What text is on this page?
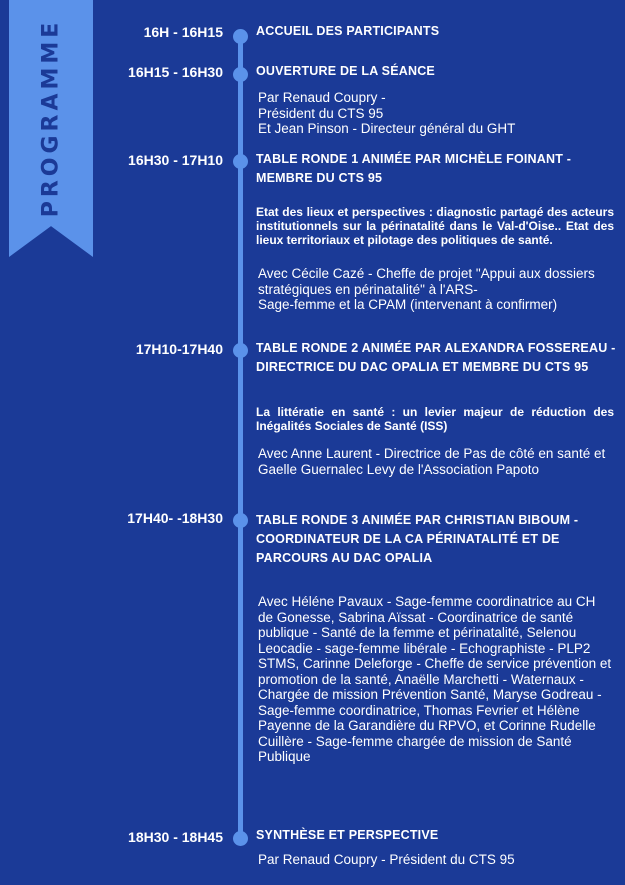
PROGRAMME	16H - 16H15	ACCUEIL DES PARTICIPANTS
16H15 - 16H30	OUVERTURE DE LA SÉANCE
Par Renaud Coupry -
Président du CTS 95
Et Jean Pinson - Directeur général du GHT
16H30 - 17H10	TABLE RONDE 1 ANIMÉE PAR MICHÈLE FOINANT - MEMBRE DU CTS 95
Etat des lieux et perspectives : diagnostic partagé des acteurs institutionnels sur la périnatalité dans le Val-d'Oise.. Etat des lieux territoriaux et pilotage des politiques de santé.
Avec Cécile Cazé - Cheffe de projet "Appui aux dossiers stratégiques en périnatalité" à l'ARS-
Sage-femme et la CPAM (intervenant à confirmer)
17H10-17H40	TABLE RONDE 2 ANIMÉE PAR ALEXANDRA FOSSEREAU - DIRECTRICE DU DAC OPALIA ET MEMBRE DU CTS 95
La littératie en santé : un levier majeur de réduction des Inégalités Sociales de Santé (ISS)
Avec Anne Laurent - Directrice de Pas de côté en santé et Gaelle Guernalec Levy de l'Association Papoto
17H40- -18H30	TABLE RONDE 3 ANIMÉE PAR CHRISTIAN BIBOUM - COORDINATEUR DE LA CA PÉRINATALITÉ ET DE PARCOURS AU DAC OPALIA
Avec Héléne Pavaux - Sage-femme coordinatrice au CH de Gonesse, Sabrina Aïssat - Coordinatrice de santé publique - Santé de la femme et périnatalité, Selenou Leocadie - sage-femme libérale - Echographiste - PLP2 STMS, Carinne Deleforge - Cheffe de service prévention et promotion de la santé, Anaëlle Marchetti - Waternaux - Chargée de mission Prévention Santé, Maryse Godreau - Sage-femme coordinatrice, Thomas Fevrier et Hélène Payenne de la Garandière du RPVO, et Corinne Rudelle Cuillère - Sage-femme chargée de mission de Santé Publique
18H30 - 18H45	SYNTHÈSE ET PERSPECTIVE
Par Renaud Coupry - Président du CTS 95
